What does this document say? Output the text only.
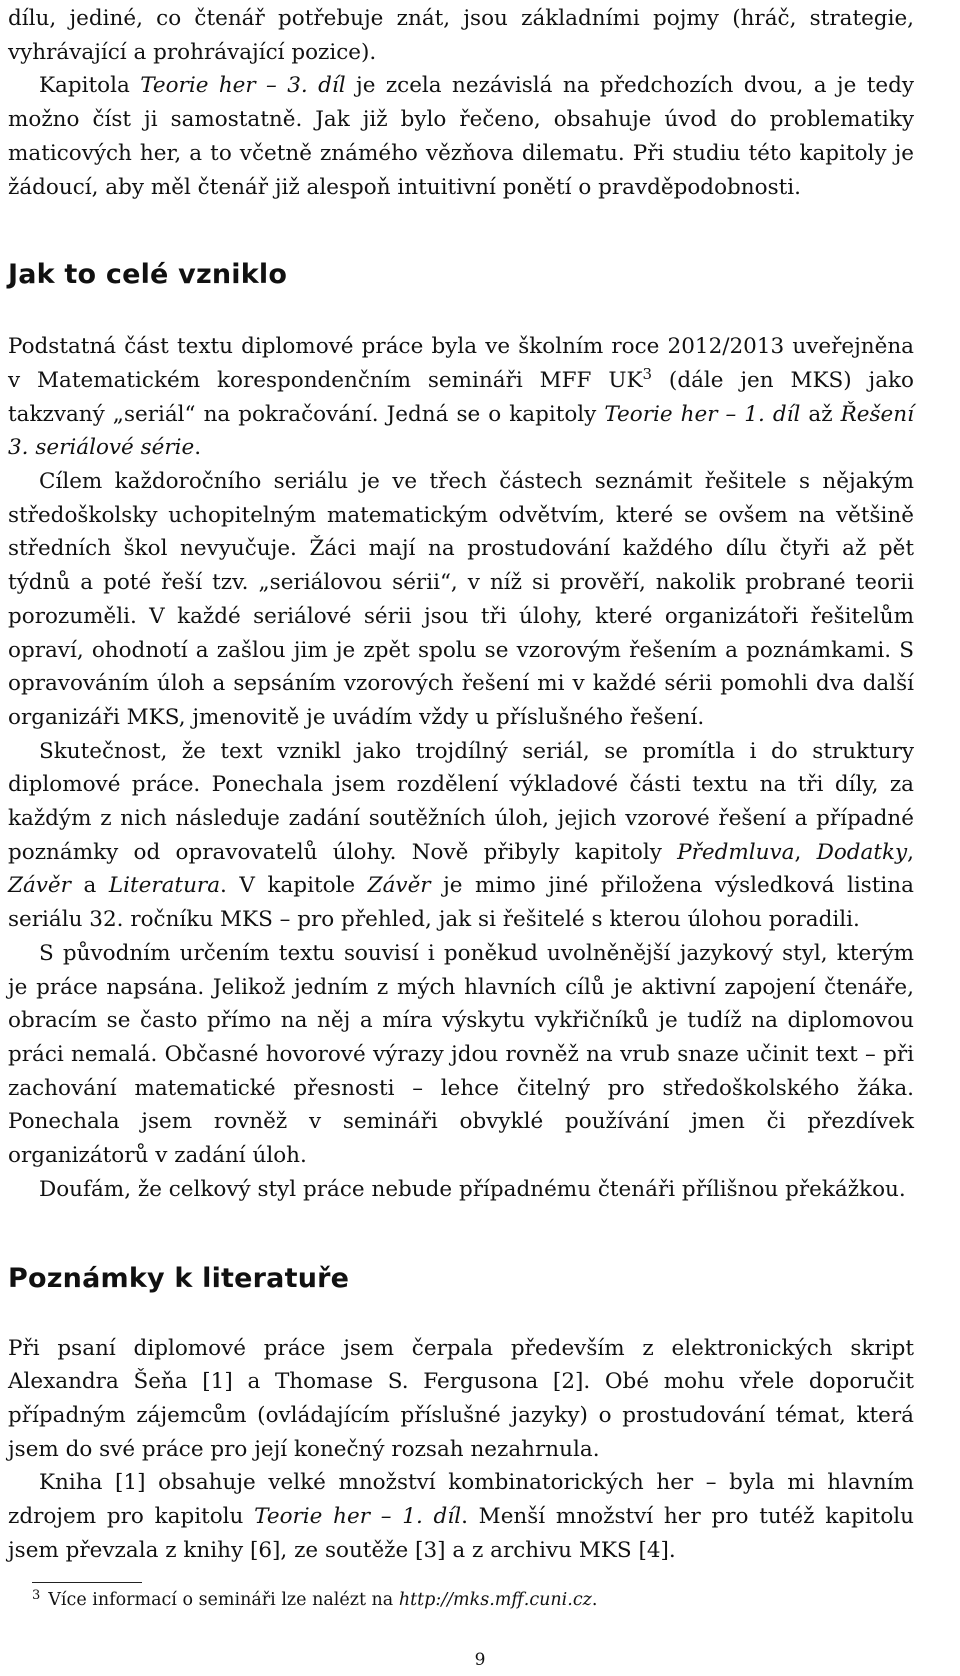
dílu, jediné, co čtenář potřebuje znát, jsou základními pojmy (hráč, strategie, vyhrávající a prohrávající pozice).

Kapitola Teorie her – 3. díl je zcela nezávislá na předchozích dvou, a je tedy možno číst ji samostatně. Jak již bylo řečeno, obsahuje úvod do problematiky maticových her, a to včetně známého vězňova dilematu. Při studiu této kapitoly je žádoucí, aby měl čtenář již alespoň intuitivní ponětí o pravděpodobnosti.

Jak to celé vzniklo

Podstatná část textu diplomové práce byla ve školním roce 2012/2013 uveřejněna v Matematickém korespondenčním semináři MFF $UK^3$ (dále jen MKS) jako takzvaný „seriál“ na pokračování. Jedná se o kapitoly Teorie her – 1. díl až Řešení 3. seriálové série.

Cílem každoročního seriálu je ve třech částech seznámit řešitele s nějakým středoškolsky uchopitelným matematickým odvětvím, které se ovšem na většině středních škol nevyučuje. Žáci mají na prostudování každého dílu čtyři až pět týdnů a poté řeší tzv. „seriálovou sérii“, v níž si prověří, nakolik probrané teorii porozuměli. V každé seriálové sérii jsou tři úlohy, které organizátoři řešitelům opraví, ohodnotí a zašlou jim je zpět spolu se vzorovým řešením a poznámkami. S opravováním úloh a sepsáním vzorových řešení mi v každé sérii pomohli dva další organizáři MKS, jmenovitě je uvádím vždy u příslušného řešení.

Skutečnost, že text vznikl jako trojdílný seriál, se promítla i do struktury diplomové práce. Ponechala jsem rozdělení výkladové části textu na tři díly, za každým z nich následuje zadání soutěžních úloh, jejich vzorové řešení a případné poznámky od opravovatelů úlohy. Nově přibyly kapitoly Předmluva, Dodatky, Závěr a Literatura. V kapitole Závěr je mimo jiné přiložena výsledková listina seriálu 32. ročníku MKS – pro přehled, jak si řešitelé s kterou úlohou poradili.

S původním určením textu souvisí i poněkud uvolněnější jazykový styl, kterým je práce napsána. Jelikož jedním z mých hlavních cílů je aktivní zapojení čtenáře, obracím se často přímo na něj a míra výskytu vykřičníků je tudíž na diplomovou práci nemalá. Občasné hovorové výrazy jdou rovněž na vrub snaze učinit text – při zachování matematické přesnosti – lehce čitelný pro středoškolského žáka. Ponechala jsem rovněž v semináři obvyklé používání jmen či přezdívek organizátorů v zadání úloh.

Doufám, že celkový styl práce nebude případnému čtenáři přílišnou překážkou.

Poznámky k literatuře

Při psaní diplomové práce jsem čerpala především z elektronických skript Alexandra Šeňa [1] a Thomase S. Fergusona [2]. Obé mohu vřele doporučit případným zájemcům (ovládajícím příslušné jazyky) o prostudování témat, která jsem do své práce pro její konečný rozsah nezahrnula.

Kniha [1] obsahuje velké množství kombinatorických her – byla mi hlavním zdrojem pro kapitolu Teorie her – 1. díl. Menší množství her pro tutéž kapitolu jsem převzala z knihy [6], ze soutěže [3] a z archivu MKS [4].

$^3$ Více informací o semináři lze nalézt na http://mks.mff.cuni.cz.
9
